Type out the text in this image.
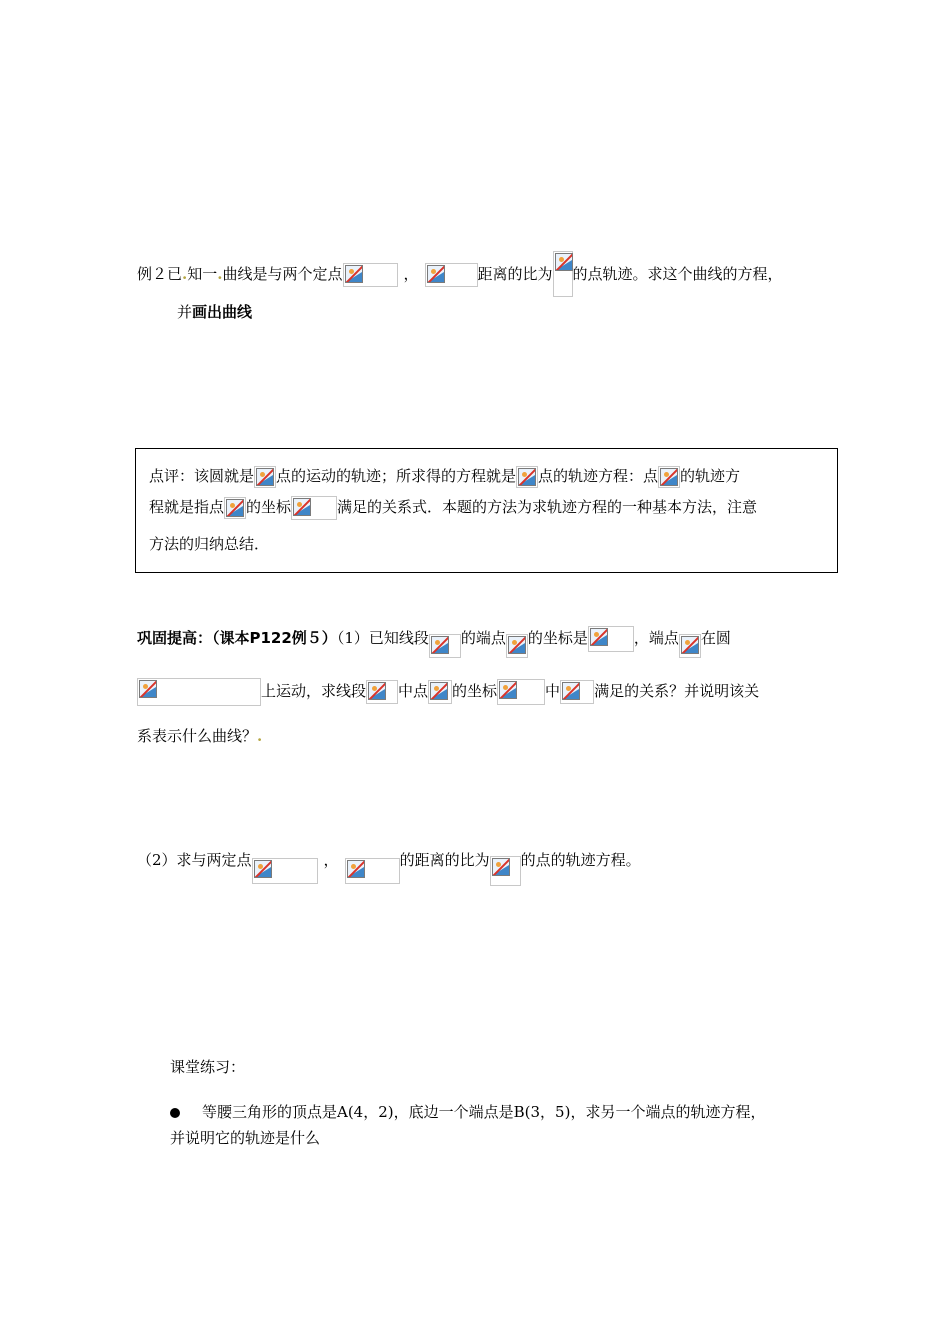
例２已.知一.曲线是与两个定点	，	距离的比为 的点轨迹。求这个曲线的方程，
并画出曲线
点评：该圆就是 点的运动的轨迹；所求得的方程就是 点的轨迹方程：点 的轨迹方
程就是指点 的坐标	满足的关系式．本题的方法为求轨迹方程的一种基本方法，注意
方法的归纳总结．
巩固提高：（课本P122例５）（1）已知线段 的端点 的坐标是	，端点 在圆
上运动，求线段 中点 的坐标	中 满足的关系？并说明该关
系表示什么曲线？.
（2）求与两定点	，	的距离的比为 的点的轨迹方程。
课堂练习：
等腰三角形的顶点是A(4，2)，底边一个端点是B(3，5)，求另一个端点的轨迹方程，
并说明它的轨迹是什么
